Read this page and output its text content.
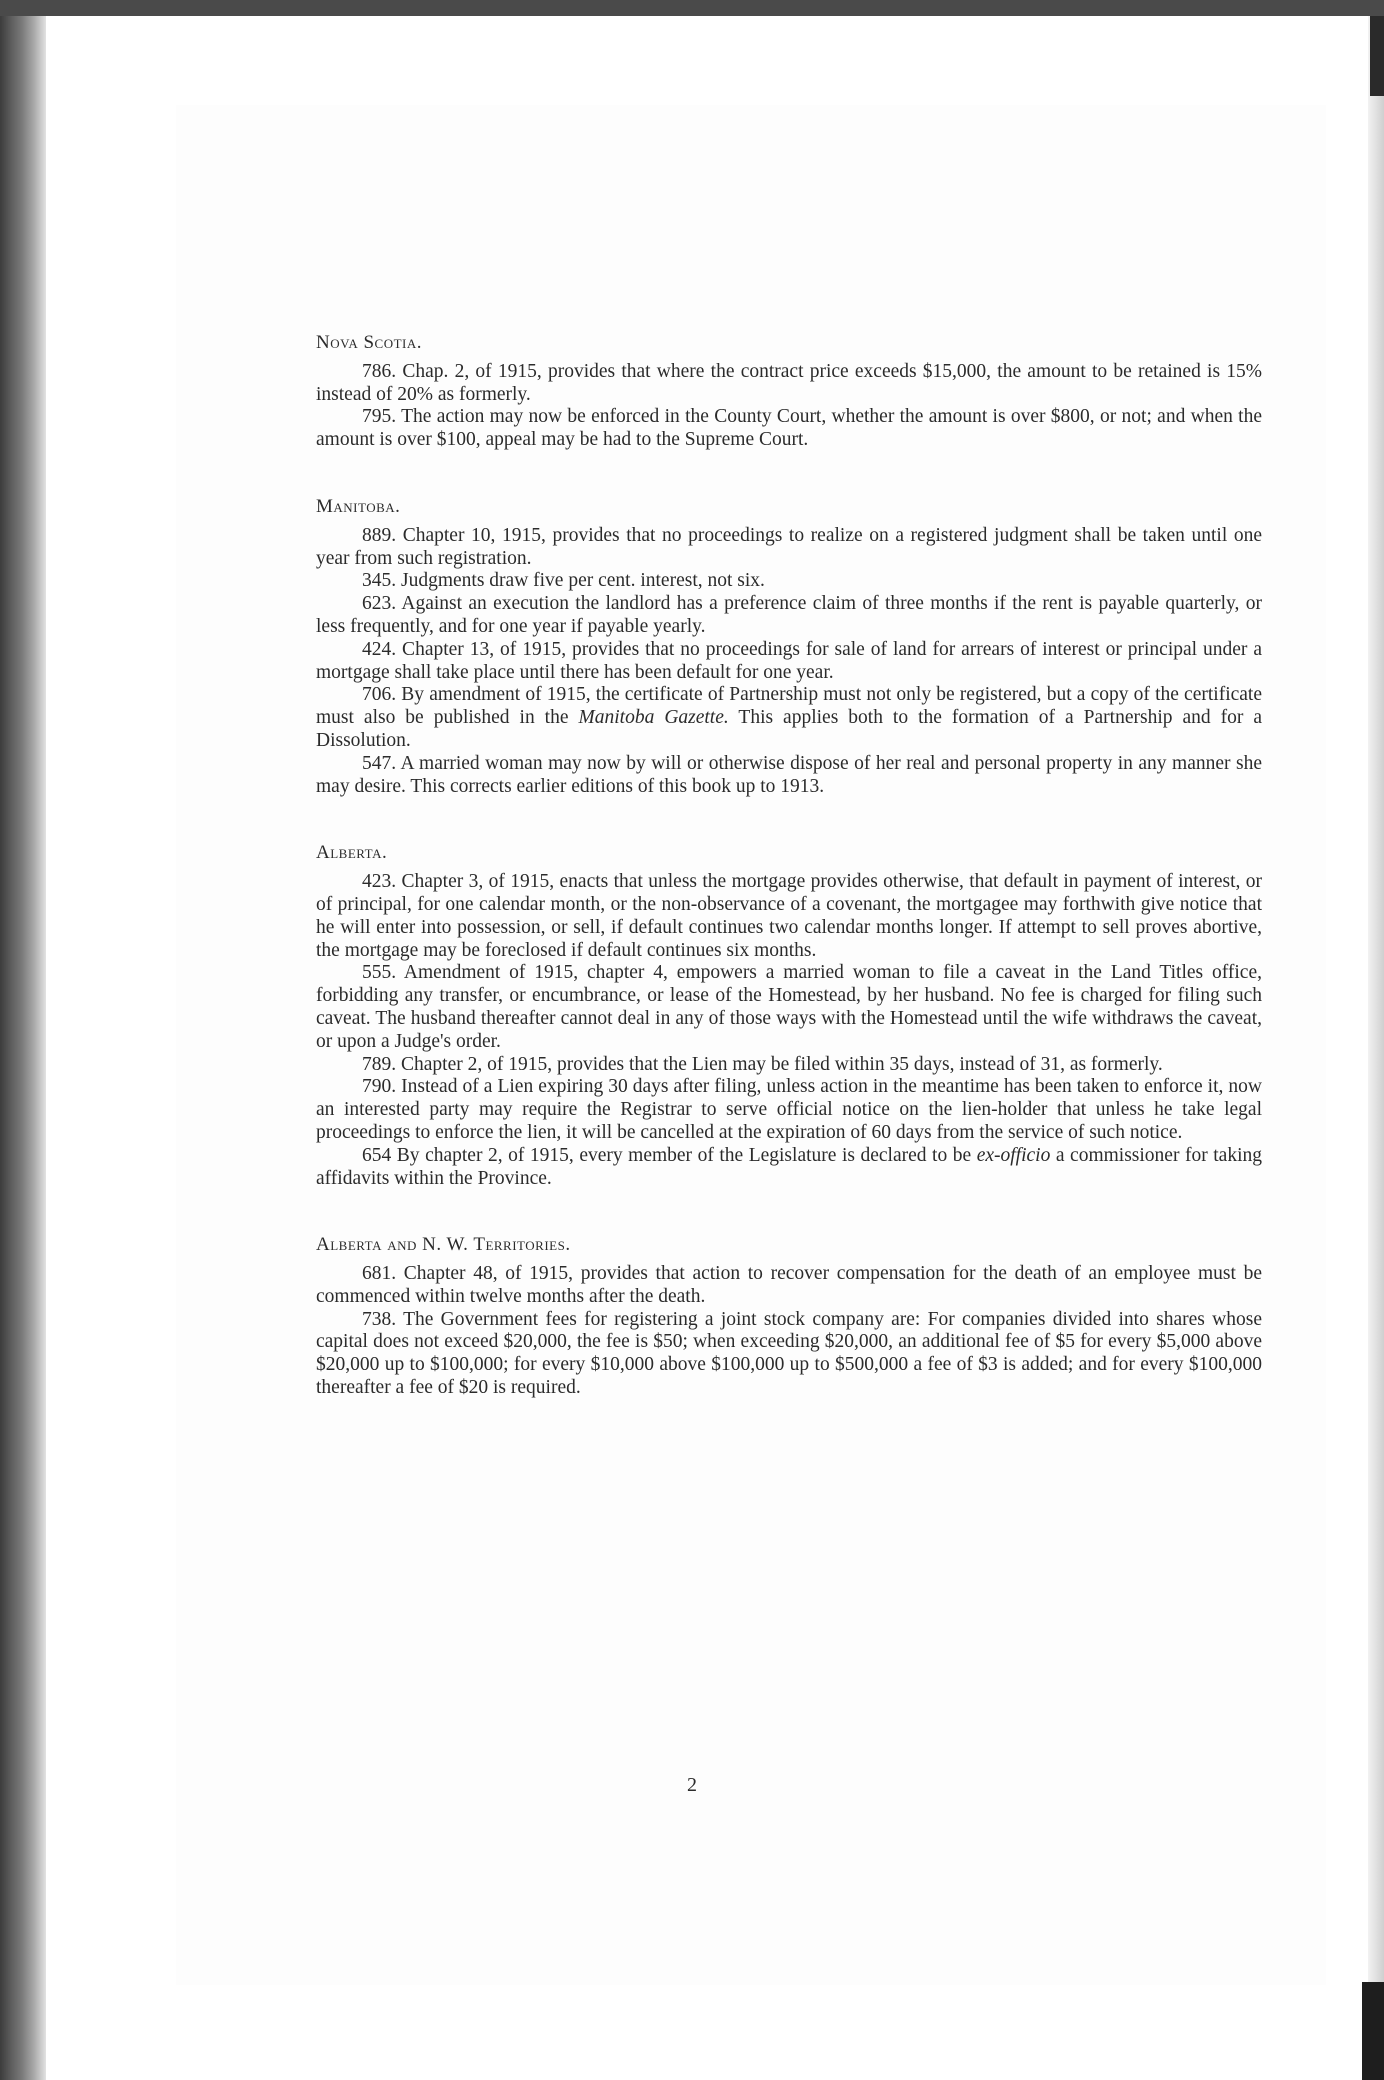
Nova Scotia.

786. Chap. 2, of 1915, provides that where the contract price exceeds $15,000, the amount to be retained is 15% instead of 20% as formerly.

795. The action may now be enforced in the County Court, whether the amount is over $800, or not; and when the amount is over $100, appeal may be had to the Supreme Court.

Manitoba.

889. Chapter 10, 1915, provides that no proceedings to realize on a registered judgment shall be taken until one year from such registration.

345. Judgments draw five per cent. interest, not six.

623. Against an execution the landlord has a preference claim of three months if the rent is payable quarterly, or less frequently, and for one year if payable yearly.

424. Chapter 13, of 1915, provides that no proceedings for sale of land for arrears of interest or principal under a mortgage shall take place until there has been default for one year.

706. By amendment of 1915, the certificate of Partnership must not only be registered, but a copy of the certificate must also be published in the Manitoba Gazette. This applies both to the formation of a Partnership and for a Dissolution.

547. A married woman may now by will or otherwise dispose of her real and personal property in any manner she may desire. This corrects earlier editions of this book up to 1913.

Alberta.

423. Chapter 3, of 1915, enacts that unless the mortgage provides otherwise, that default in payment of interest, or of principal, for one calendar month, or the non-observance of a covenant, the mortgagee may forthwith give notice that he will enter into possession, or sell, if default continues two calendar months longer. If attempt to sell proves abortive, the mortgage may be foreclosed if default continues six months.

555. Amendment of 1915, chapter 4, empowers a married woman to file a caveat in the Land Titles office, forbidding any transfer, or encumbrance, or lease of the Homestead, by her husband. No fee is charged for filing such caveat. The husband thereafter cannot deal in any of those ways with the Homestead until the wife withdraws the caveat, or upon a Judge's order.

789. Chapter 2, of 1915, provides that the Lien may be filed within 35 days, instead of 31, as formerly.

790. Instead of a Lien expiring 30 days after filing, unless action in the meantime has been taken to enforce it, now an interested party may require the Registrar to serve official notice on the lien-holder that unless he take legal proceedings to enforce the lien, it will be cancelled at the expiration of 60 days from the service of such notice.

654 By chapter 2, of 1915, every member of the Legislature is declared to be ex-officio a commissioner for taking affidavits within the Province.

Alberta and N. W. Territories.

681. Chapter 48, of 1915, provides that action to recover compensation for the death of an employee must be commenced within twelve months after the death.

738. The Government fees for registering a joint stock company are: For companies divided into shares whose capital does not exceed $20,000, the fee is $50; when exceeding $20,000, an additional fee of $5 for every $5,000 above $20,000 up to $100,000; for every $10,000 above $100,000 up to $500,000 a fee of $3 is added; and for every $100,000 thereafter a fee of $20 is required.

2
